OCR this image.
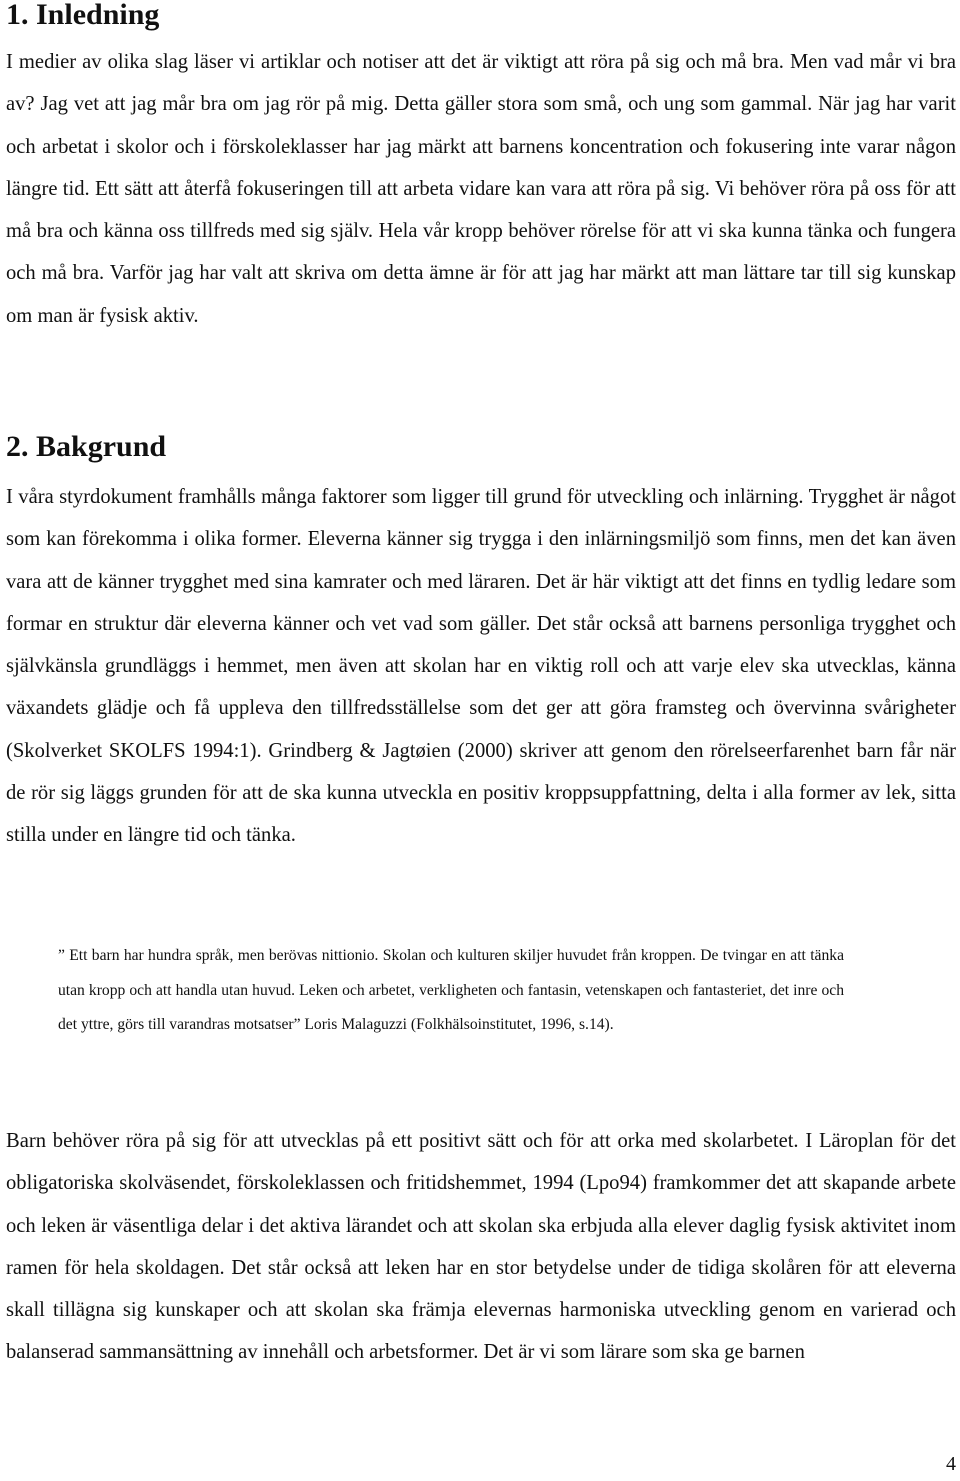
1. Inledning

I medier av olika slag läser vi artiklar och notiser att det är viktigt att röra på sig och må bra. Men vad mår vi bra av? Jag vet att jag mår bra om jag rör på mig. Detta gäller stora som små, och ung som gammal. När jag har varit och arbetat i skolor och i förskoleklasser har jag märkt att barnens koncentration och fokusering inte varar någon längre tid. Ett sätt att återfå fokuseringen till att arbeta vidare kan vara att röra på sig. Vi behöver röra på oss för att må bra och känna oss tillfreds med sig själv. Hela vår kropp behöver rörelse för att vi ska kunna tänka och fungera och må bra. Varför jag har valt att skriva om detta ämne är för att jag har märkt att man lättare tar till sig kunskap om man är fysisk aktiv.

2. Bakgrund

I våra styrdokument framhålls många faktorer som ligger till grund för utveckling och inlärning. Trygghet är något som kan förekomma i olika former. Eleverna känner sig trygga i den inlärningsmiljö som finns, men det kan även vara att de känner trygghet med sina kamrater och med läraren. Det är här viktigt att det finns en tydlig ledare som formar en struktur där eleverna känner och vet vad som gäller. Det står också att barnens personliga trygghet och självkänsla grundläggs i hemmet, men även att skolan har en viktig roll och att varje elev ska utvecklas, känna växandets glädje och få uppleva den tillfredsställelse som det ger att göra framsteg och övervinna svårigheter (Skolverket SKOLFS 1994:1). Grindberg & Jagtøien (2000) skriver att genom den rörelseerfarenhet barn får när de rör sig läggs grunden för att de ska kunna utveckla en positiv kroppsuppfattning, delta i alla former av lek, sitta stilla under en längre tid och tänka.

” Ett barn har hundra språk, men berövas nittionio. Skolan och kulturen skiljer huvudet från kroppen. De tvingar en att tänka utan kropp och att handla utan huvud. Leken och arbetet, verkligheten och fantasin, vetenskapen och fantasteriet, det inre och det yttre, görs till varandras motsatser” Loris Malaguzzi (Folkhälsoinstitutet, 1996, s.14).

Barn behöver röra på sig för att utvecklas på ett positivt sätt och för att orka med skolarbetet. I Läroplan för det obligatoriska skolväsendet, förskoleklassen och fritidshemmet, 1994 (Lpo94) framkommer det att skapande arbete och leken är väsentliga delar i det aktiva lärandet och att skolan ska erbjuda alla elever daglig fysisk aktivitet inom ramen för hela skoldagen. Det står också att leken har en stor betydelse under de tidiga skolåren för att eleverna skall tillägna sig kunskaper och att skolan ska främja elevernas harmoniska utveckling genom en varierad och balanserad sammansättning av innehåll och arbetsformer. Det är vi som lärare som ska ge barnen

4
